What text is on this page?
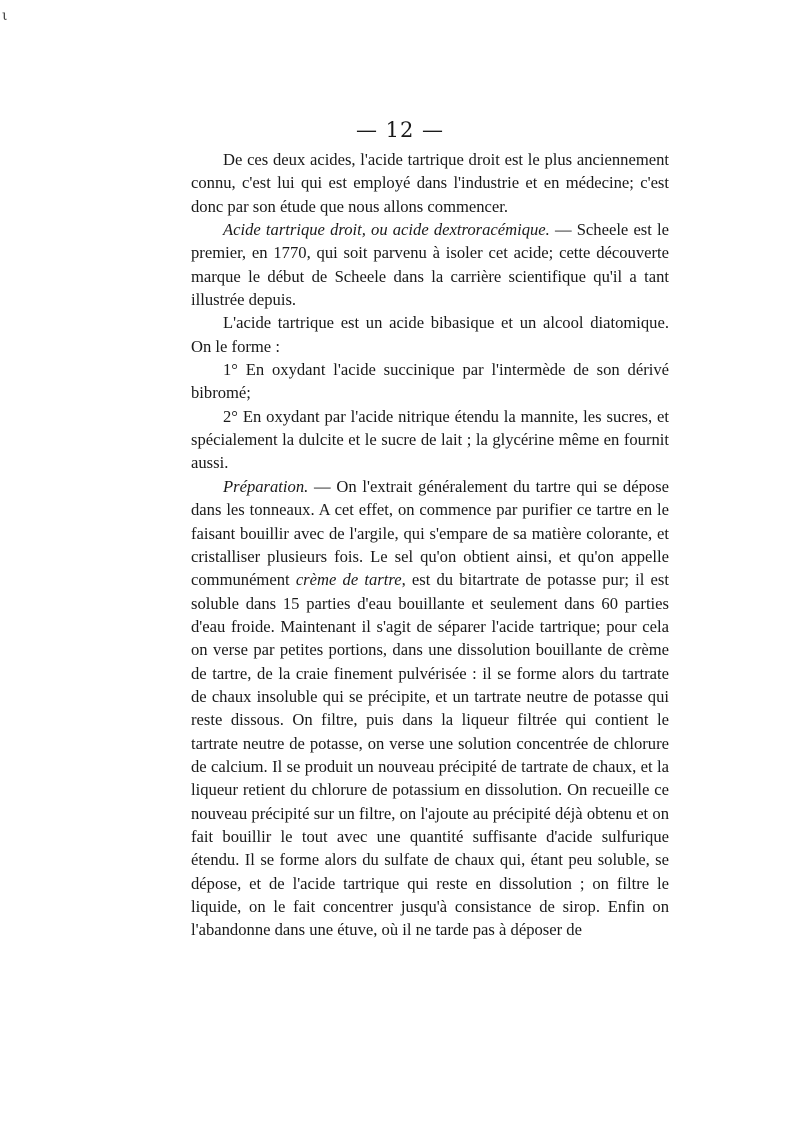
ι
— 12 —

De ces deux acides, l'acide tartrique droit est le plus anciennement connu, c'est lui qui est employé dans l'industrie et en médecine; c'est donc par son étude que nous allons commencer.

Acide tartrique droit, ou acide dextroracémique. — Scheele est le premier, en 1770, qui soit parvenu à isoler cet acide; cette découverte marque le début de Scheele dans la carrière scientifique qu'il a tant illustrée depuis.

L'acide tartrique est un acide bibasique et un alcool diatomique. On le forme :

1° En oxydant l'acide succinique par l'intermède de son dérivé bibromé;

2° En oxydant par l'acide nitrique étendu la mannite, les sucres, et spécialement la dulcite et le sucre de lait ; la glycérine même en fournit aussi.

Préparation. — On l'extrait généralement du tartre qui se dépose dans les tonneaux. A cet effet, on commence par purifier ce tartre en le faisant bouillir avec de l'argile, qui s'empare de sa matière colorante, et cristalliser plusieurs fois. Le sel qu'on obtient ainsi, et qu'on appelle communément crème de tartre, est du bitartrate de potasse pur; il est soluble dans 15 parties d'eau bouillante et seulement dans 60 parties d'eau froide. Maintenant il s'agit de séparer l'acide tartrique; pour cela on verse par petites portions, dans une dissolution bouillante de crème de tartre, de la craie finement pulvérisée : il se forme alors du tartrate de chaux insoluble qui se précipite, et un tartrate neutre de potasse qui reste dissous. On filtre, puis dans la liqueur filtrée qui contient le tartrate neutre de potasse, on verse une solution concentrée de chlorure de calcium. Il se produit un nouveau précipité de tartrate de chaux, et la liqueur retient du chlorure de potassium en dissolution. On recueille ce nouveau précipité sur un filtre, on l'ajoute au précipité déjà obtenu et on fait bouillir le tout avec une quantité suffisante d'acide sulfurique étendu. Il se forme alors du sulfate de chaux qui, étant peu soluble, se dépose, et de l'acide tartrique qui reste en dissolution ; on filtre le liquide, on le fait concentrer jusqu'à consistance de sirop. Enfin on l'abandonne dans une étuve, où il ne tarde pas à déposer de
